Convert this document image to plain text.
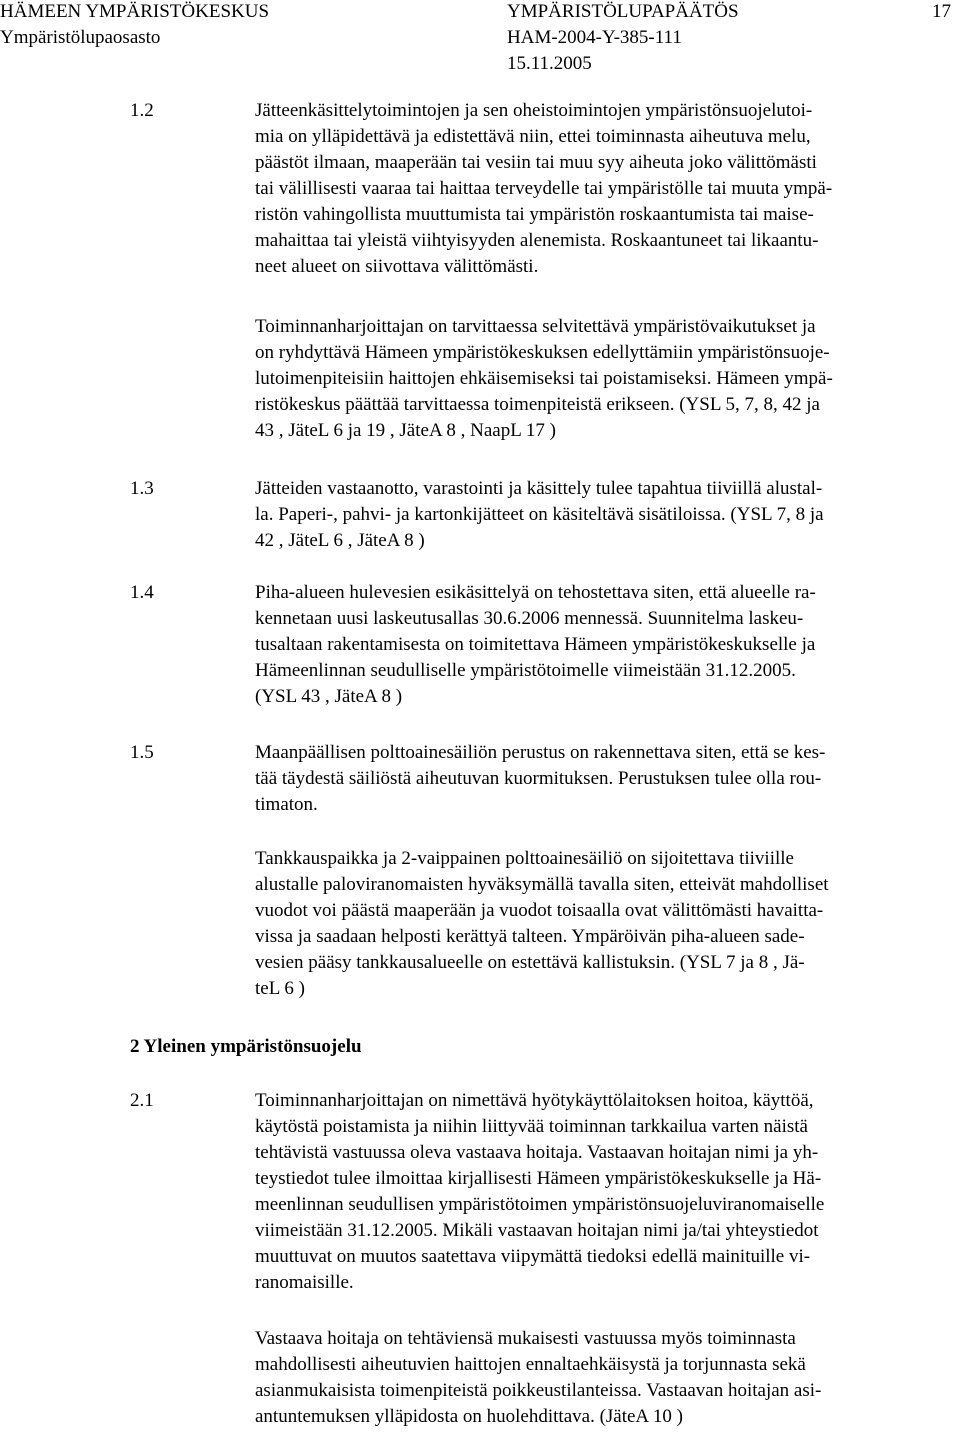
HÄMEEN YMPÄRISTÖKESKUS
Ympäristölupaosasto
YMPÄRISTÖLUPAPÄÄTÖS
HAM-2004-Y-385-111
15.11.2005
17
1.2	Jätteenkäsittelytoimintojen ja sen oheistoimintojen ympäristönsuojelutoi-
mia on ylläpidettävä ja edistettävä niin, ettei toiminnasta aiheutuva melu,
päästöt ilmaan, maaperään tai vesiin tai muu syy aiheuta joko välittömästi
tai välillisesti vaaraa tai haittaa terveydelle tai ympäristölle tai muuta ympä-
ristön vahingollista muuttumista tai ympäristön roskaantumista tai maise-
mahaittaa tai yleistä viihtyisyyden alenemista. Roskaantuneet tai likaantu-
neet alueet on siivottava välittömästi.
Toiminnanharjoittajan on tarvittaessa selvitettävä ympäristövaikutukset ja
on ryhdyttävä Hämeen ympäristökeskuksen edellyttämiin ympäristönsuoje-
lutoimenpiteisiin haittojen ehkäisemiseksi tai poistamiseksi. Hämeen ympä-
ristökeskus päättää tarvittaessa toimenpiteistä erikseen. (YSL 5, 7, 8, 42 ja
43 , JäteL 6 ja 19 , JäteA 8 , NaapL 17 )
1.3	Jätteiden vastaanotto, varastointi ja käsittely tulee tapahtua tiiviillä alustal-
la. Paperi-, pahvi- ja kartonkijätteet on käsiteltävä sisätiloissa. (YSL 7, 8 ja
42 , JäteL 6 , JäteA 8 )
1.4	Piha-alueen hulevesien esikäsittelyä on tehostettava siten, että alueelle ra-
kennetaan uusi laskeutusallas 30.6.2006 mennessä. Suunnitelma laskeu-
tusaltaan rakentamisesta on toimitettava Hämeen ympäristökeskukselle ja
Hämeenlinnan seudulliselle ympäristötoimelle viimeistään 31.12.2005.
(YSL 43 , JäteA 8 )
1.5	Maanpäällisen polttoainesäiliön perustus on rakennettava siten, että se kes-
tää täydestä säiliöstä aiheutuvan kuormituksen. Perustuksen tulee olla rou-
timaton.
Tankkauspaikka ja 2-vaippainen polttoainesäiliö on sijoitettava tiiviille
alustalle paloviranomaisten hyväksymällä tavalla siten, etteivät mahdolliset
vuodot voi päästä maaperään ja vuodot toisaalla ovat välittömästi havaitta-
vissa ja saadaan helposti kerättyä talteen. Ympäröivän piha-alueen sade-
vesien pääsy tankkausalueelle on estettävä kallistuksin. (YSL 7 ja 8 , Jä-
teL 6 )
2 Yleinen ympäristönsuojelu
2.1	Toiminnanharjoittajan on nimettävä hyötykäyttölaitoksen hoitoa, käyttöä,
käytöstä poistamista ja niihin liittyvää toiminnan tarkkailua varten näistä
tehtävistä vastuussa oleva vastaava hoitaja. Vastaavan hoitajan nimi ja yh-
teystiedot tulee ilmoittaa kirjallisesti Hämeen ympäristökeskukselle ja Hä-
meenlinnan seudullisen ympäristötoimen ympäristönsuojeluviranomaiselle
viimeistään 31.12.2005. Mikäli vastaavan hoitajan nimi ja/tai yhteystiedot
muuttuvat on muutos saatettava viipymättä tiedoksi edellä mainituille vi-
ranomaisille.
Vastaava hoitaja on tehtäviensä mukaisesti vastuussa myös toiminnasta
mahdollisesti aiheutuvien haittojen ennaltaehkäisystä ja torjunnasta sekä
asianmukaisista toimenpiteistä poikkeustilanteissa. Vastaavan hoitajan asi-
antuntemuksen ylläpidosta on huolehdittava. (JäteA 10 )
